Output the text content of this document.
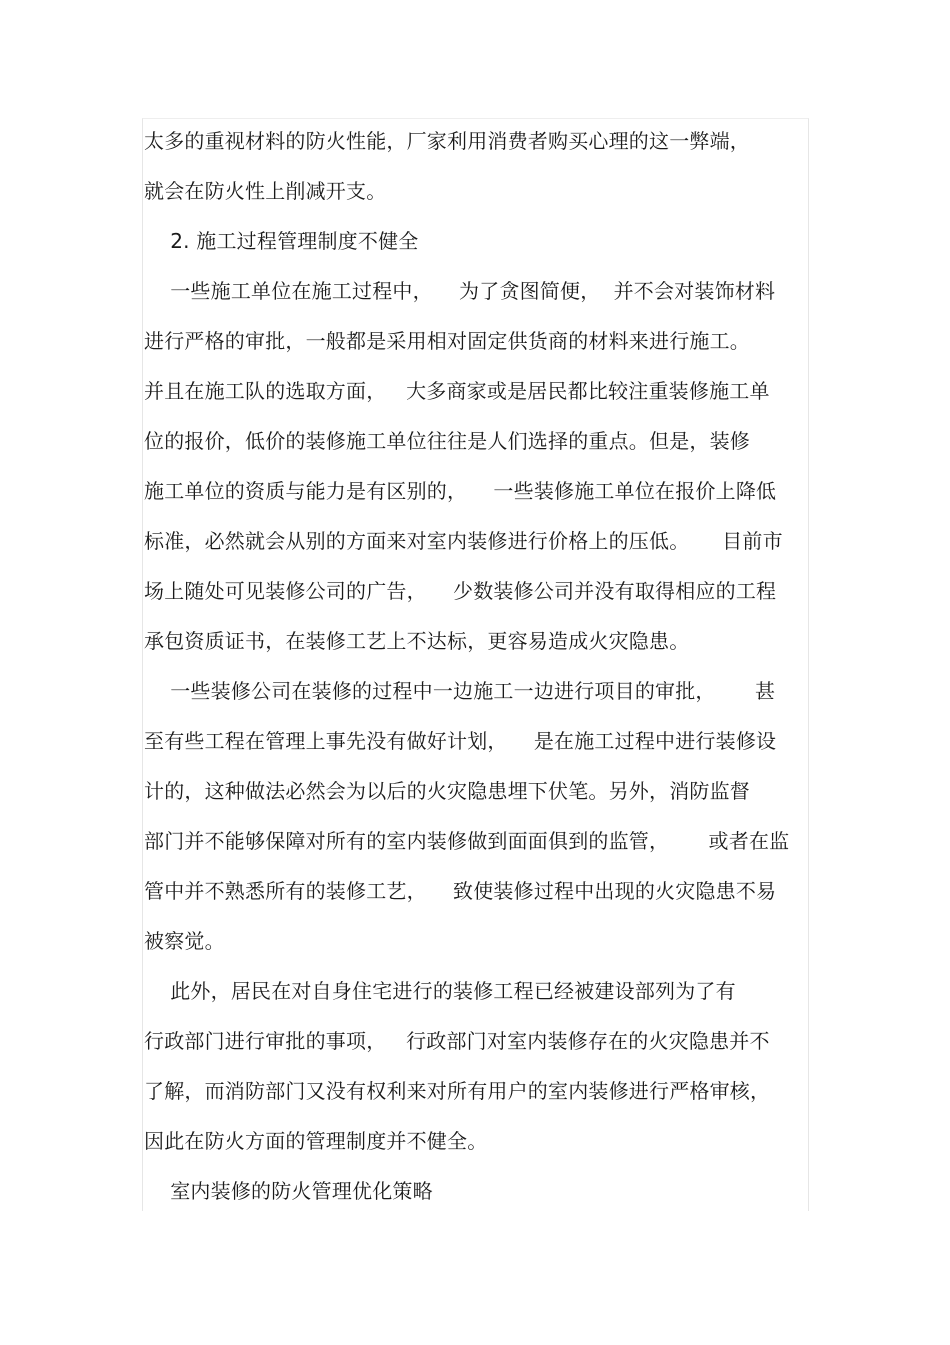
太多的重视材料的防火性能，厂家利用消费者购买心理的这一弊端，
就会在防火性上削减开支。
2. 施工过程管理制度不健全
一些施工单位在施工过程中，    为了贪图简便，  并不会对装饰材料
进行严格的审批，一般都是采用相对固定供货商的材料来进行施工。
并且在施工队的选取方面，   大多商家或是居民都比较注重装修施工单
位的报价，低价的装修施工单位往往是人们选择的重点。但是，装修
施工单位的资质与能力是有区别的，    一些装修施工单位在报价上降低
标准，必然就会从别的方面来对室内装修进行价格上的压低。     目前市
场上随处可见装修公司的广告，    少数装修公司并没有取得相应的工程
承包资质证书，在装修工艺上不达标，更容易造成火灾隐患。
一些装修公司在装修的过程中一边施工一边进行项目的审批，      甚
至有些工程在管理上事先没有做好计划，    是在施工过程中进行装修设
计的，这种做法必然会为以后的火灾隐患埋下伏笔。另外，消防监督
部门并不能够保障对所有的室内装修做到面面俱到的监管，      或者在监
管中并不熟悉所有的装修工艺，    致使装修过程中出现的火灾隐患不易
被察觉。
此外，居民在对自身住宅进行的装修工程已经被建设部列为了有
行政部门进行审批的事项，   行政部门对室内装修存在的火灾隐患并不
了解，而消防部门又没有权利来对所有用户的室内装修进行严格审核，
因此在防火方面的管理制度并不健全。
室内装修的防火管理优化策略
